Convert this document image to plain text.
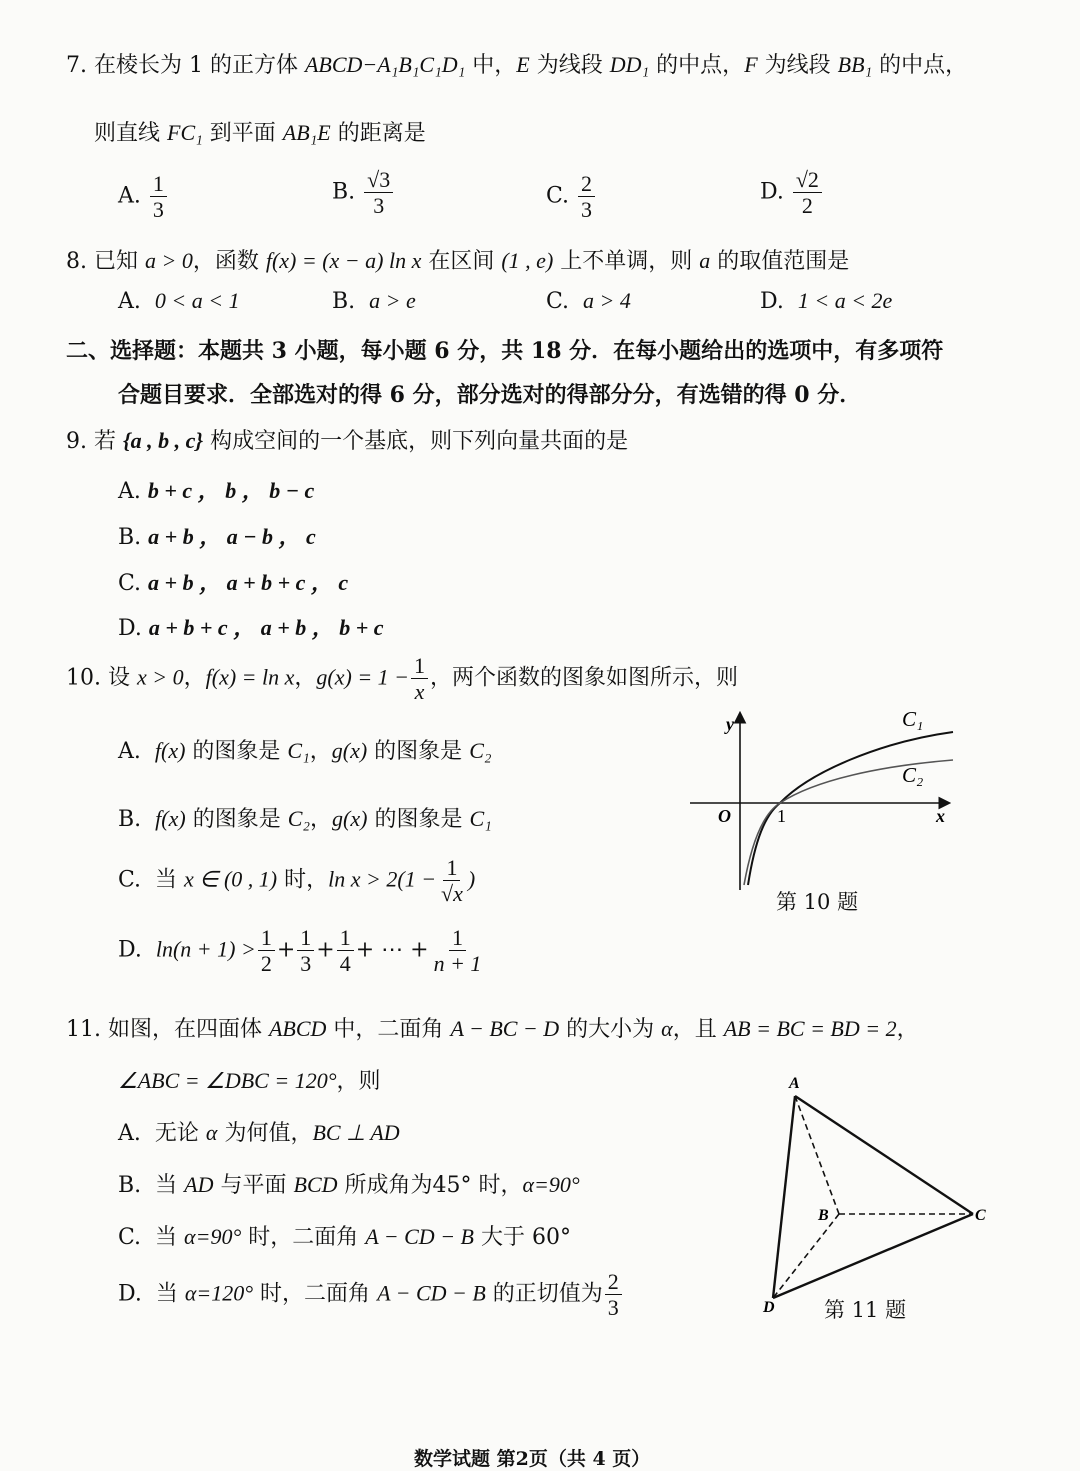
7. 在棱长为 1 的正方体 ABCD−A₁B₁C₁D₁ 中，E 为线段 DD₁ 的中点，F 为线段 BB₁ 的中点，
则直线 FC₁ 到平面 AB₁E 的距离是
A. $\frac{1}{3}$	B. $\frac{√3}{3}$	C. $\frac{2}{3}$	D. $\frac{√2}{2}$
8. 已知 a > 0，函数 f(x) = (x − a) ln x 在区间 (1 , e) 上不单调，则 a 的取值范围是
A. 0 < a < 1	B. a > e	C. a > 4	D. 1 < a < 2e
二、选择题：本题共 3 小题，每小题 6 分，共 18 分．在每小题给出的选项中，有多项符
合题目要求．全部选对的得 6 分，部分选对的得部分分，有选错的得 0 分．
9. 若 {a , b , c} 构成空间的一个基底，则下列向量共面的是
A. b + c ， b ， b − c
B. a + b ， a − b ， c
C. a + b ， a + b + c ， c
D. a + b + c ， a + b ， b + c
10. 设 x > 0，f(x) = ln x，$g(x) = 1 - \frac{1}{x}$ ，两个函数的图象如图所示，则
A. f(x) 的图象是 C₁，g(x) 的图象是 C₂
B. f(x) 的图象是 C₂，g(x) 的图象是 C₁
C. 当 x ∈ (0 , 1) 时，$\ln x > 2(1 - \frac{1}{√x}$ )
D. $\ln(n + 1) > \frac{1}{2} + \frac{1}{3} + \frac{1}{4}$ + ⋯ + $\frac{1}{n + 1}$
y
x
O	1
C₁
C₂
第 10 题
11. 如图，在四面体 ABCD 中，二面角 A − BC − D 的大小为 α，且 AB = BC = BD = 2，
∠ABC = ∠DBC = 120°，则
A. 无论 α 为何值，BC ⊥ AD
B. 当 AD 与平面 BCD 所成角为45° 时，α=90°
C. 当 α=90° 时，二面角 A − CD − B 大于 60°
D. 当 α=120° 时，二面角 A − CD − B 的正切值为 $\frac{2}{3}$
A
B	C
D 第 11 题
数学试题 第2页（共 4 页）
